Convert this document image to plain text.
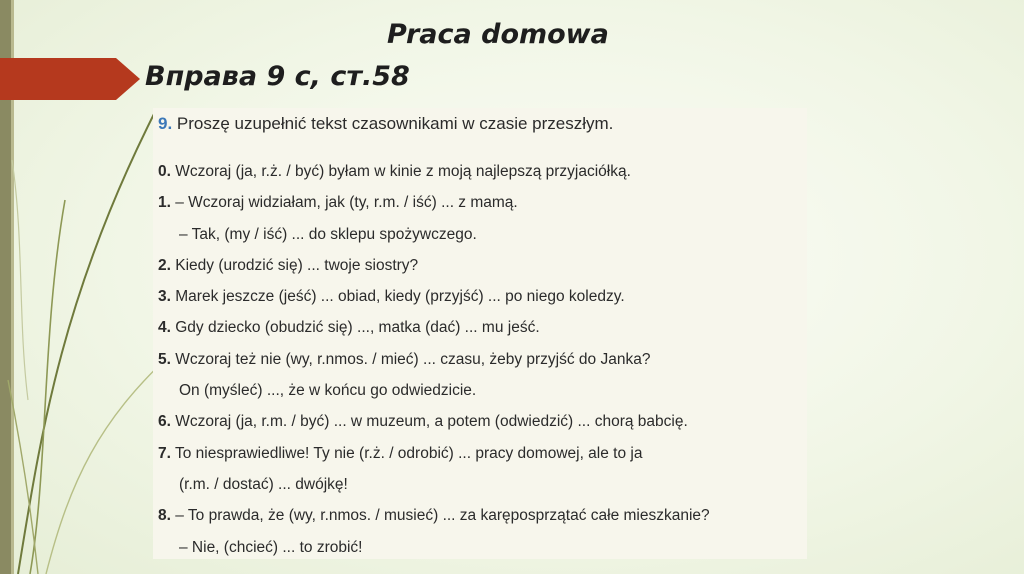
Praca domowa
Вправа 9 с, ст.58
9. Proszę uzupełnić tekst czasownikami w czasie przeszłym.
0. Wczoraj (ja, r.ż. / być) byłam w kinie z moją najlepszą przyjaciółką.
1. – Wczoraj widziałam, jak (ty, r.m. / iść) ... z mamą.
– Tak, (my / iść) ... do sklepu spożywczego.
2. Kiedy (urodzić się) ... twoje siostry?
3. Marek jeszcze (jeść) ... obiad, kiedy (przyjść) ... po niego koledzy.
4. Gdy dziecko (obudzić się) ..., matka (dać) ... mu jeść.
5. Wczoraj też nie (wy, r.nmos. / mieć) ... czasu, żeby przyjść do Janka?
On (myśleć) ..., że w końcu go odwiedzicie.
6. Wczoraj (ja, r.m. / być) ... w muzeum, a potem (odwiedzić) ... chorą babcię.
7. To niesprawiedliwe! Ty nie (r.ż. / odrobić) ... pracy domowej, ale to ja
(r.m. / dostać) ... dwójkę!
8. – To prawda, że (wy, r.nmos. / musieć) ... za karęposprzątać całe mieszkanie?
– Nie, (chcieć) ... to zrobić!
